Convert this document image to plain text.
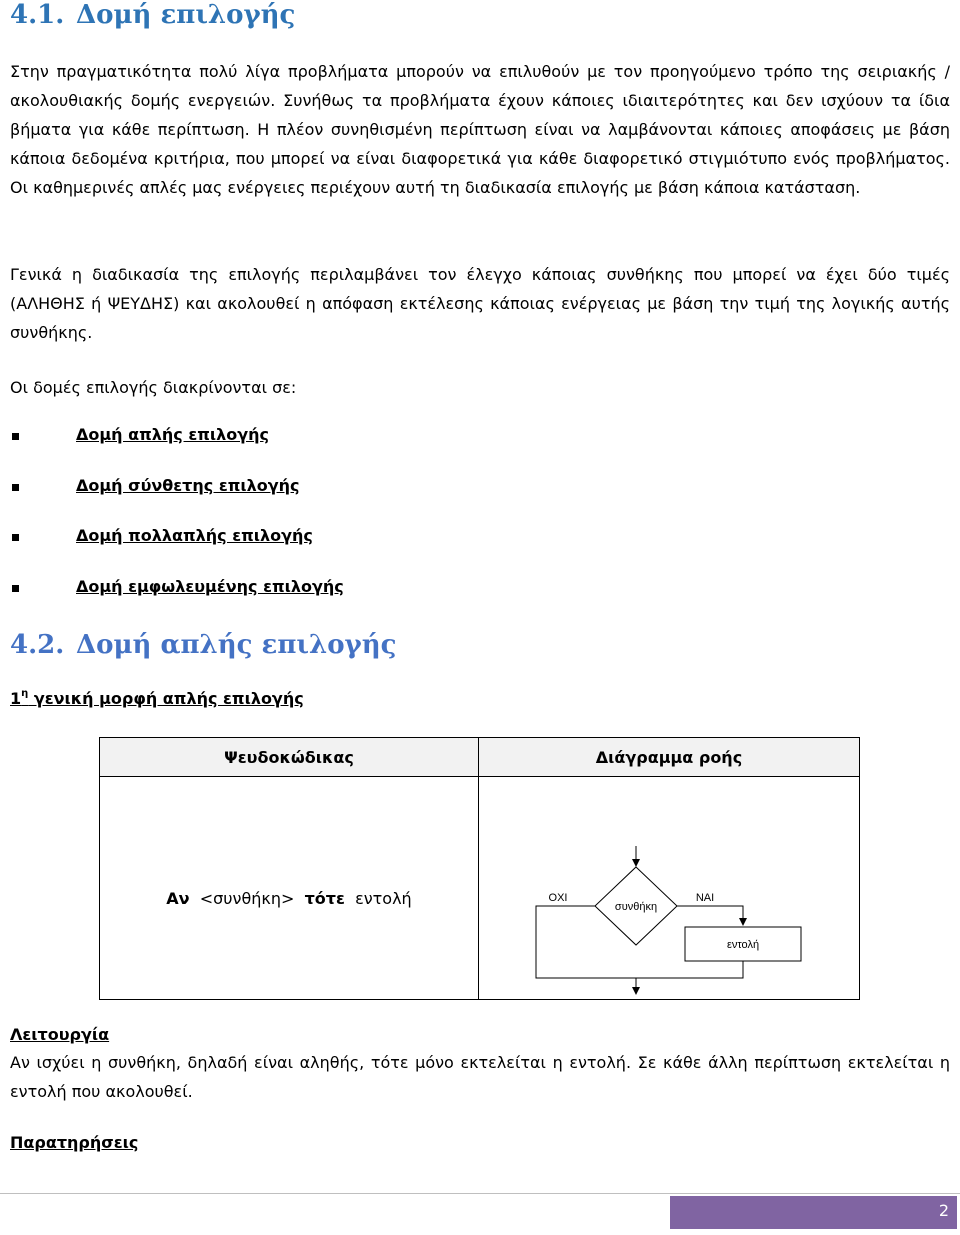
4.1. Δομή επιλογής

Στην πραγματικότητα πολύ λίγα προβλήματα μπορούν να επιλυθούν με τον προηγούμενο τρόπο της σειριακής / ακολουθιακής δομής ενεργειών. Συνήθως τα προβλήματα έχουν κάποιες ιδιαιτερότητες και δεν ισχύουν τα ίδια βήματα για κάθε περίπτωση. Η πλέον συνηθισμένη περίπτωση είναι να λαμβάνονται κάποιες αποφάσεις με βάση κάποια δεδομένα κριτήρια, που μπορεί να είναι διαφορετικά για κάθε διαφορετικό στιγμιότυπο ενός προβλήματος. Οι καθημερινές απλές μας ενέργειες περιέχουν αυτή τη διαδικασία επιλογής με βάση κάποια κατάσταση.

Γενικά η διαδικασία της επιλογής περιλαμβάνει τον έλεγχο κάποιας συνθήκης που μπορεί να έχει δύο τιμές (ΑΛΗΘΗΣ ή ΨΕΥΔΗΣ) και ακολουθεί η απόφαση εκτέλεσης κάποιας ενέργειας με βάση την τιμή της λογικής αυτής συνθήκης.

Οι δομές επιλογής διακρίνονται σε:

Δομή απλής επιλογής
Δομή σύνθετης επιλογής
Δομή πολλαπλής επιλογής
Δομή εμφωλευμένης επιλογής
4.2. Δομή απλής επιλογής
$1^\eta$ γενική μορφή απλής επιλογής
Ψευδοκώδικας	Διάγραμμα ροής

Αν <συνθήκη> τότε εντολή	συνθήκη
ΟΧΙ ΝΑΙ
εντολή
Λειτουργία

Αν ισχύει η συνθήκη, δηλαδή είναι αληθής, τότε μόνο εκτελείται η εντολή. Σε κάθε άλλη περίπτωση εκτελείται η εντολή που ακολουθεί.

Παρατηρήσεις
2
